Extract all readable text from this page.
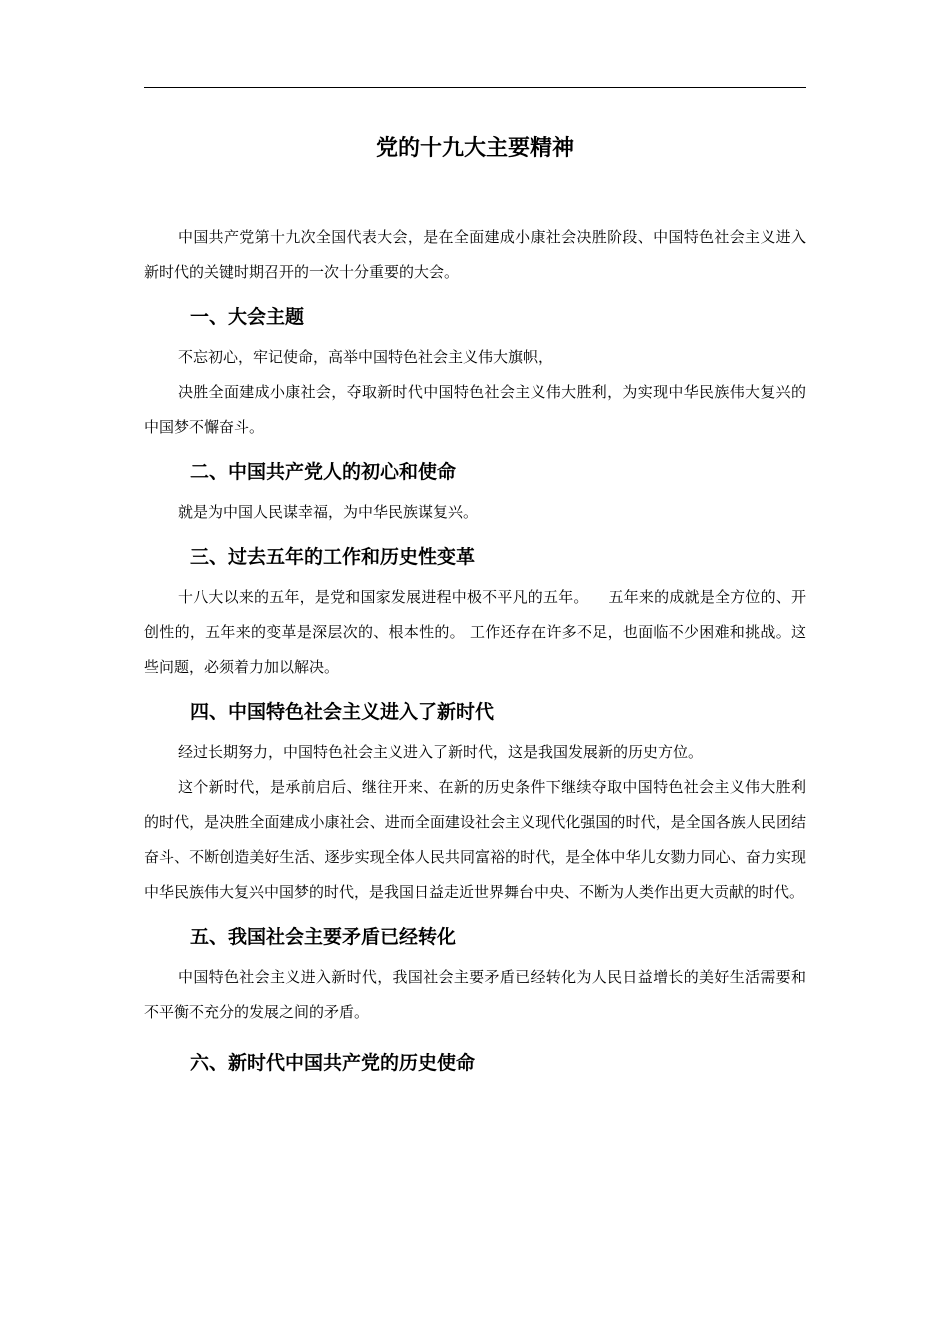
党的十九大主要精神

中国共产党第十九次全国代表大会，是在全面建成小康社会决胜阶段、中国特色社会主义进入新时代的关键时期召开的一次十分重要的大会。

一、大会主题

不忘初心，牢记使命，高举中国特色社会主义伟大旗帜，

决胜全面建成小康社会，夺取新时代中国特色社会主义伟大胜利，为实现中华民族伟大复兴的中国梦不懈奋斗。

二、中国共产党人的初心和使命

就是为中国人民谋幸福，为中华民族谋复兴。

三、过去五年的工作和历史性变革

十八大以来的五年，是党和国家发展进程中极不平凡的五年。    五年来的成就是全方位的、开创性的，五年来的变革是深层次的、根本性的。 工作还存在许多不足，也面临不少困难和挑战。这些问题，必须着力加以解决。

四、中国特色社会主义进入了新时代

经过长期努力，中国特色社会主义进入了新时代，这是我国发展新的历史方位。

这个新时代，是承前启后、继往开来、在新的历史条件下继续夺取中国特色社会主义伟大胜利的时代，是决胜全面建成小康社会、进而全面建设社会主义现代化强国的时代，是全国各族人民团结奋斗、不断创造美好生活、逐步实现全体人民共同富裕的时代，是全体中华儿女勠力同心、奋力实现中华民族伟大复兴中国梦的时代，是我国日益走近世界舞台中央、不断为人类作出更大贡献的时代。

五、我国社会主要矛盾已经转化

中国特色社会主义进入新时代，我国社会主要矛盾已经转化为人民日益增长的美好生活需要和不平衡不充分的发展之间的矛盾。

六、新时代中国共产党的历史使命
